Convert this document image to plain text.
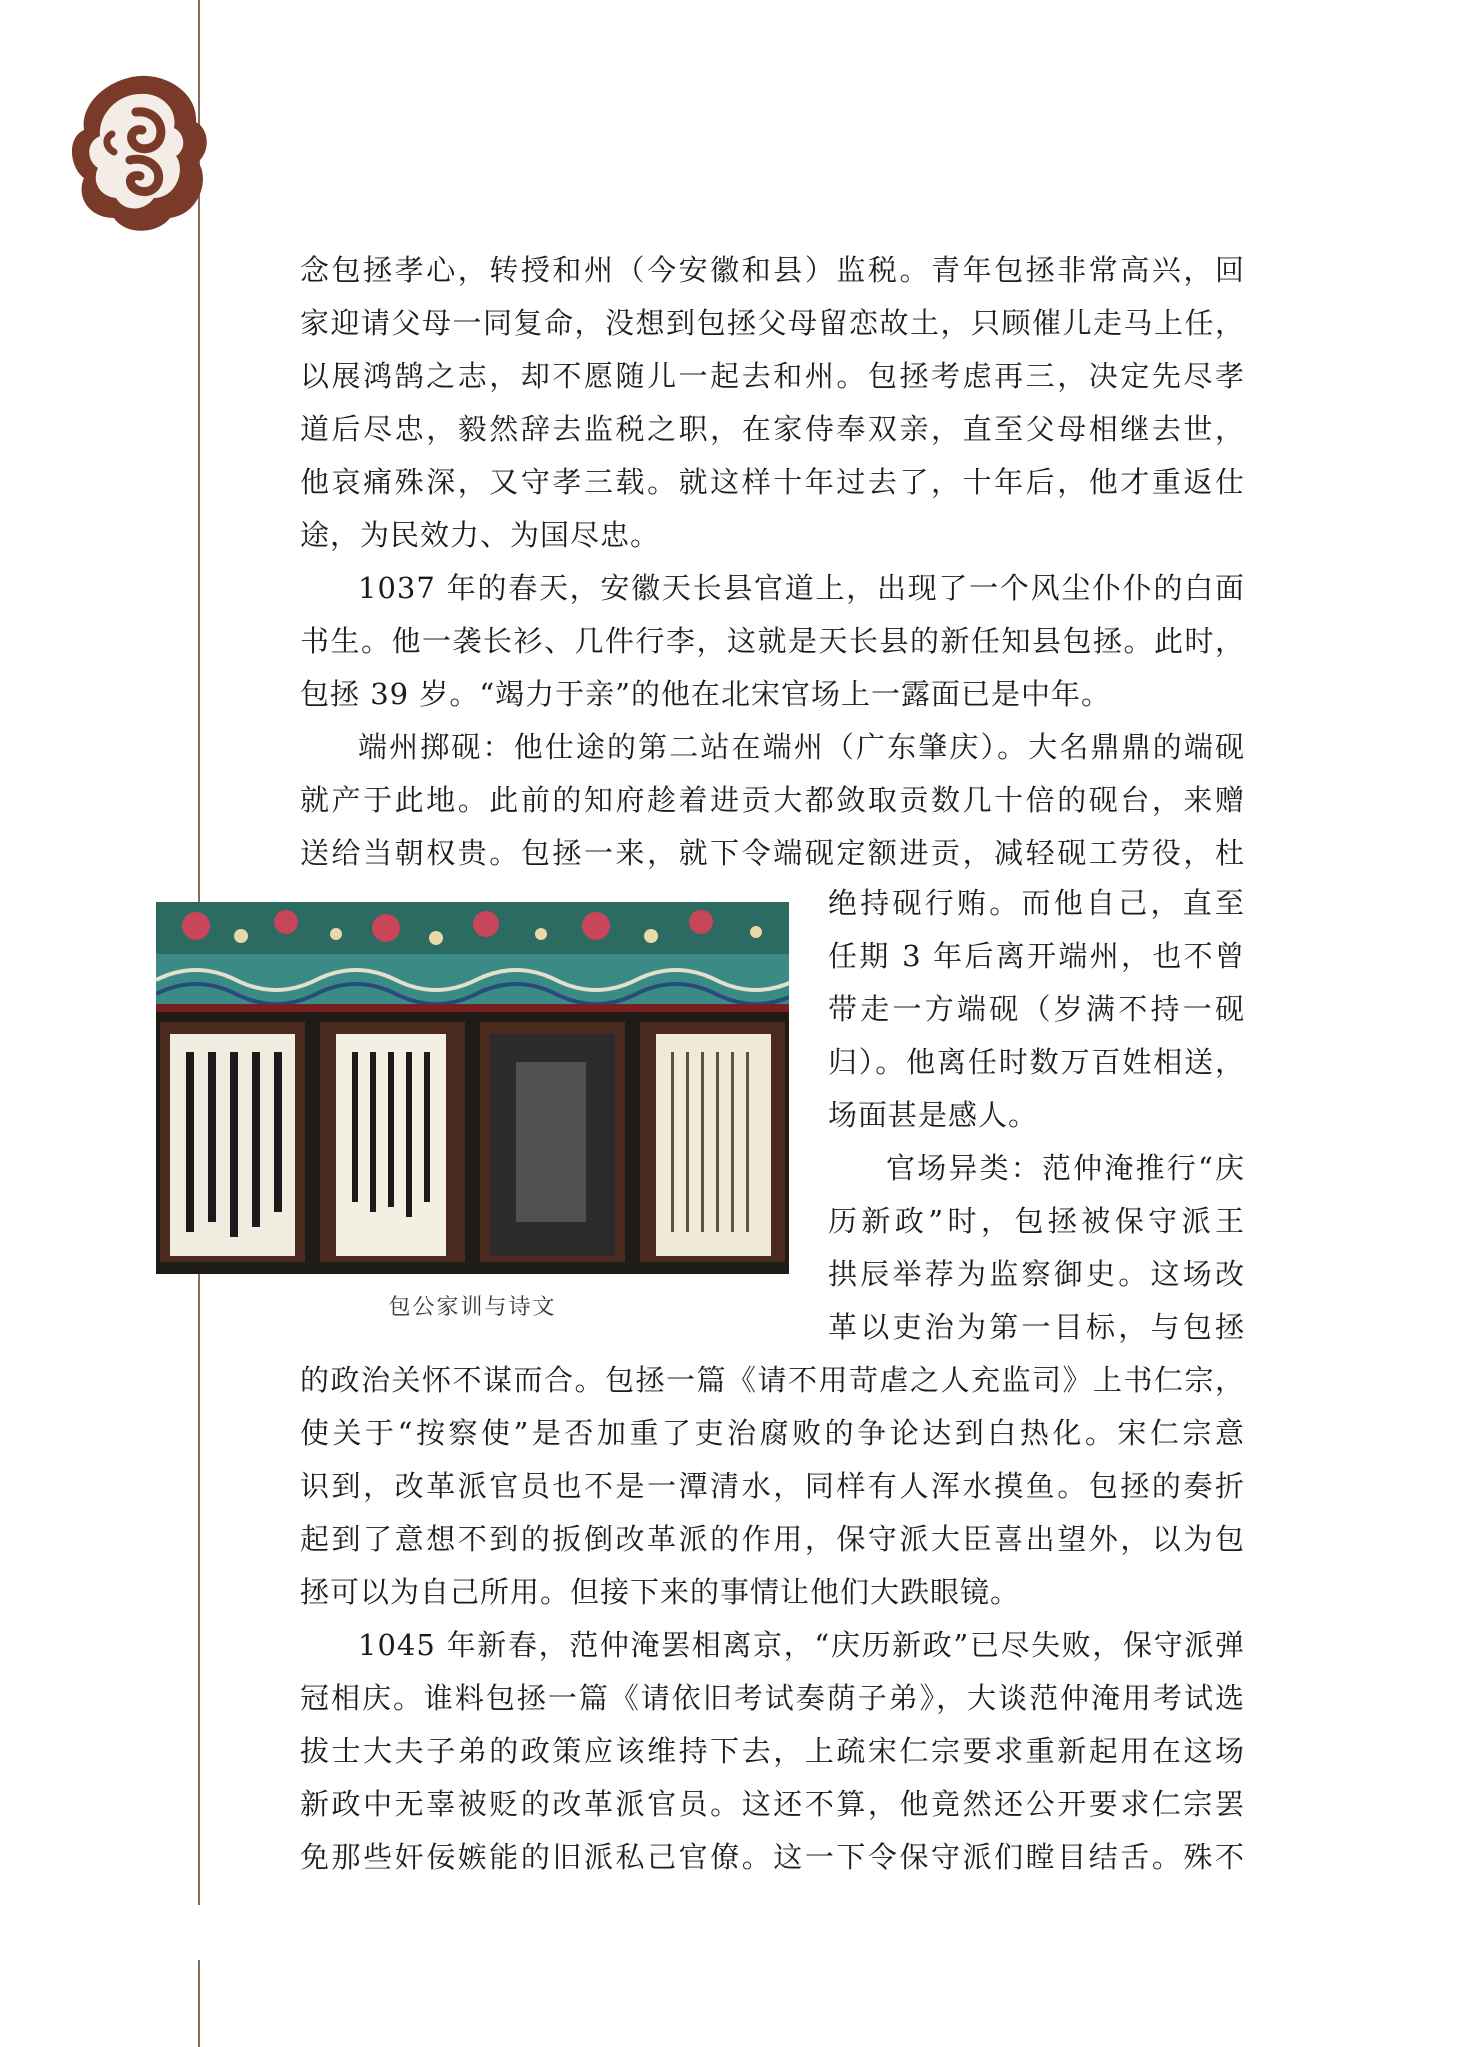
念包拯孝心，转授和州（今安徽和县）监税。青年包拯非常高兴，回

家迎请父母一同复命，没想到包拯父母留恋故土，只顾催儿走马上任，

以展鸿鹄之志，却不愿随儿一起去和州。包拯考虑再三，决定先尽孝

道后尽忠，毅然辞去监税之职，在家侍奉双亲，直至父母相继去世，

他哀痛殊深，又守孝三载。就这样十年过去了，十年后，他才重返仕

途，为民效力、为国尽忠。

1037 年的春天，安徽天长县官道上，出现了一个风尘仆仆的白面

书生。他一袭长衫、几件行李，这就是天长县的新任知县包拯。此时，

包拯 39 岁。“竭力于亲”的他在北宋官场上一露面已是中年。

端州掷砚：他仕途的第二站在端州（广东肇庆）。大名鼎鼎的端砚

就产于此地。此前的知府趁着进贡大都敛取贡数几十倍的砚台，来赠

送给当朝权贵。包拯一来，就下令端砚定额进贡，减轻砚工劳役，杜

包公家训与诗文

绝持砚行贿。而他自己，直至

任期 3 年后离开端州，也不曾

带走一方端砚（岁满不持一砚

归）。他离任时数万百姓相送，

场面甚是感人。

官场异类：范仲淹推行“庆

历新政”时，包拯被保守派王

拱辰举荐为监察御史。这场改

革以吏治为第一目标，与包拯

的政治关怀不谋而合。包拯一篇《请不用苛虐之人充监司》上书仁宗，

使关于“按察使”是否加重了吏治腐败的争论达到白热化。宋仁宗意

识到，改革派官员也不是一潭清水，同样有人浑水摸鱼。包拯的奏折

起到了意想不到的扳倒改革派的作用，保守派大臣喜出望外，以为包

拯可以为自己所用。但接下来的事情让他们大跌眼镜。

1045 年新春，范仲淹罢相离京，“庆历新政”已尽失败，保守派弹

冠相庆。谁料包拯一篇《请依旧考试奏荫子弟》，大谈范仲淹用考试选

拔士大夫子弟的政策应该维持下去，上疏宋仁宗要求重新起用在这场

新政中无辜被贬的改革派官员。这还不算，他竟然还公开要求仁宗罢

免那些奸佞嫉能的旧派私己官僚。这一下令保守派们瞠目结舌。殊不
